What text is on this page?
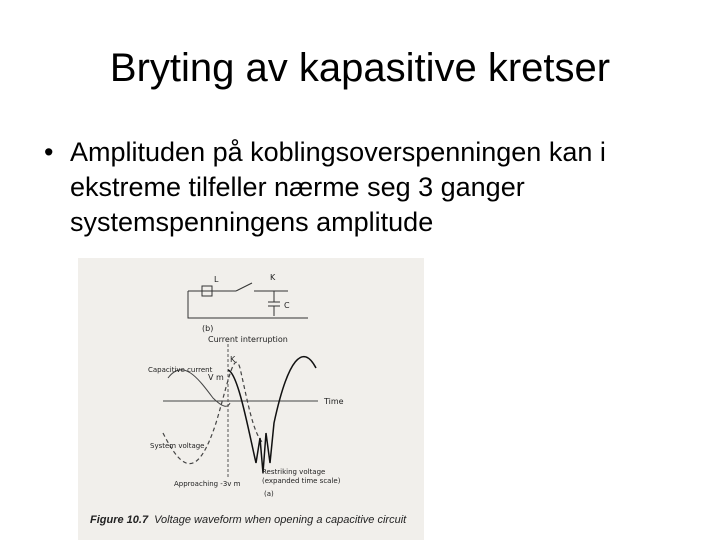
Bryting av kapasitive kretser
• Amplituden på koblingsoverspenningen kan i ekstreme tilfeller nærme seg 3 ganger systemspenningens amplitude
L	K
C
(b)
Time
Current interruption
K
Capacitive current
V m
System voltage
Restriking voltage
(expanded time scale)
Approaching -3v m
(a)
Figure 10.7 Voltage waveform when opening a capacitive circuit
